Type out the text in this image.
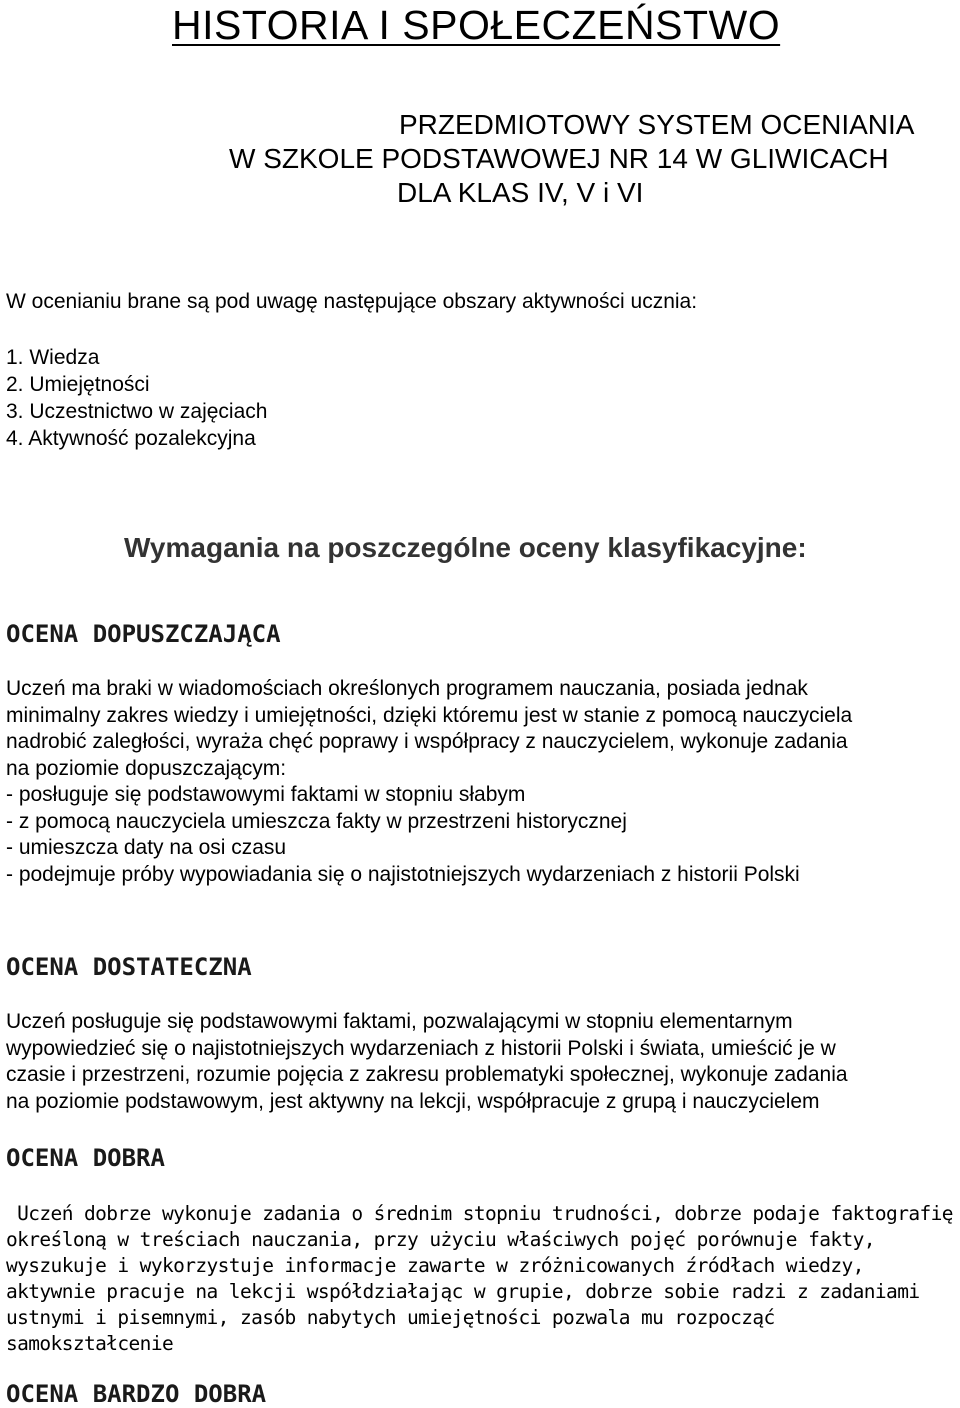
HISTORIA I SPOŁECZEŃSTWO
PRZEDMIOTOWY SYSTEM OCENIANIA
W SZKOLE PODSTAWOWEJ NR 14 W GLIWICACH
DLA KLAS IV, V i VI
W ocenianiu brane są pod uwagę następujące obszary aktywności ucznia:
1. Wiedza
2. Umiejętności
3. Uczestnictwo w zajęciach
4. Aktywność pozalekcyjna
Wymagania na poszczególne oceny klasyfikacyjne:
OCENA DOPUSZCZAJĄCA
Uczeń ma braki w wiadomościach określonych programem nauczania, posiada jednak
minimalny zakres wiedzy i umiejętności, dzięki któremu jest w stanie z pomocą nauczyciela
nadrobić zaległości, wyraża chęć poprawy i współpracy z nauczycielem, wykonuje zadania
na poziomie dopuszczającym:
- posługuje się podstawowymi faktami w stopniu słabym
- z pomocą nauczyciela umieszcza fakty w przestrzeni historycznej
- umieszcza daty na osi czasu
- podejmuje próby wypowiadania się o najistotniejszych wydarzeniach z historii Polski
OCENA DOSTATECZNA
Uczeń posługuje się podstawowymi faktami, pozwalającymi w stopniu elementarnym
wypowiedzieć się o najistotniejszych wydarzeniach z historii Polski i świata, umieścić je w
czasie i przestrzeni, rozumie pojęcia z zakresu problematyki społecznej, wykonuje zadania
na poziomie podstawowym, jest aktywny na lekcji, współpracuje z grupą i nauczycielem
OCENA DOBRA
Uczeń dobrze wykonuje zadania o średnim stopniu trudności, dobrze podaje faktografię
określoną w treściach nauczania, przy użyciu właściwych pojęć porównuje fakty,
wyszukuje i wykorzystuje informacje zawarte w zróżnicowanych źródłach wiedzy,
aktywnie pracuje na lekcji współdziałając w grupie, dobrze sobie radzi z zadaniami
ustnymi i pisemnymi, zasób nabytych umiejętności pozwala mu rozpocząć
samokształcenie
OCENA BARDZO DOBRA
